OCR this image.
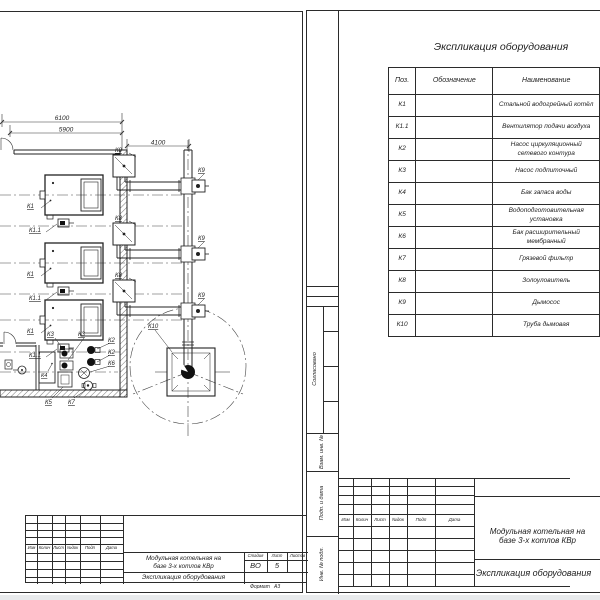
6100
5900
4100
К1
К1.1
К1
К1.1
К1
К1.1
К8
К8
К8
К9
К9
К9
К10
К3	К3
К2
К2
К6
К4
К5	К7
Изм Колич Лист №док	Подп	Дата
Модульная котельная на базе 3-х котлов КВр
Стадия	Лист	Листов
ВО	5
Экспликация оборудования
Формат А3
Согласовано
Взам. инв. №
Подп. и дата
Инв. № подл.
Экспликация оборудования
Поз.	Обозначение	Наименование
К1		Стальной водогрейный котёл
К1.1		Вентилятор подачи воздуха
К2		Насос циркуляционный сетевого контура
К3		Насос подпиточный
К4		Бак запаса воды
К5		Водоподготовительная установка
К6		Бак расширительный мембранный
К7		Грязевой фильтр
К8		Золоуловитель
К9		Дымосос
К10		Труба дымовая
Изм	Колич	Лист	№док	Подп	Дата
Модульная котельная на базе 3-х котлов КВр
Экспликация оборудования
